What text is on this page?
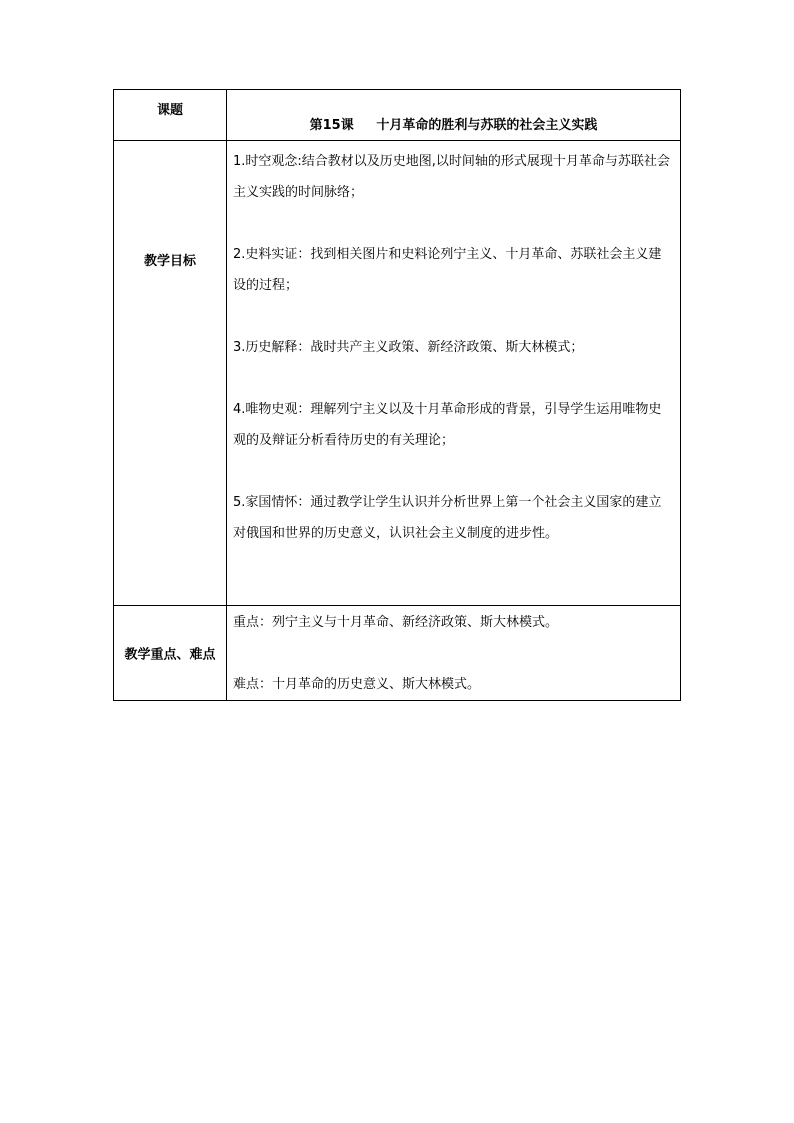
课题	第15课     十月革命的胜利与苏联的社会主义实践

教学目标	1.时空观念:结合教材以及历史地图,以时间轴的形式展现十月革命与苏联社会主义实践的时间脉络；

2.史料实证：找到相关图片和史料论列宁主义、十月革命、苏联社会主义建设的过程；

3.历史解释：战时共产主义政策、新经济政策、斯大林模式；

4.唯物史观：理解列宁主义以及十月革命形成的背景，引导学生运用唯物史观的及辩证分析看待历史的有关理论；

5.家国情怀：通过教学让学生认识并分析世界上第一个社会主义国家的建立对俄国和世界的历史意义，认识社会主义制度的进步性。

教学重点、难点	重点：列宁主义与十月革命、新经济政策、斯大林模式。

难点：十月革命的历史意义、斯大林模式。
